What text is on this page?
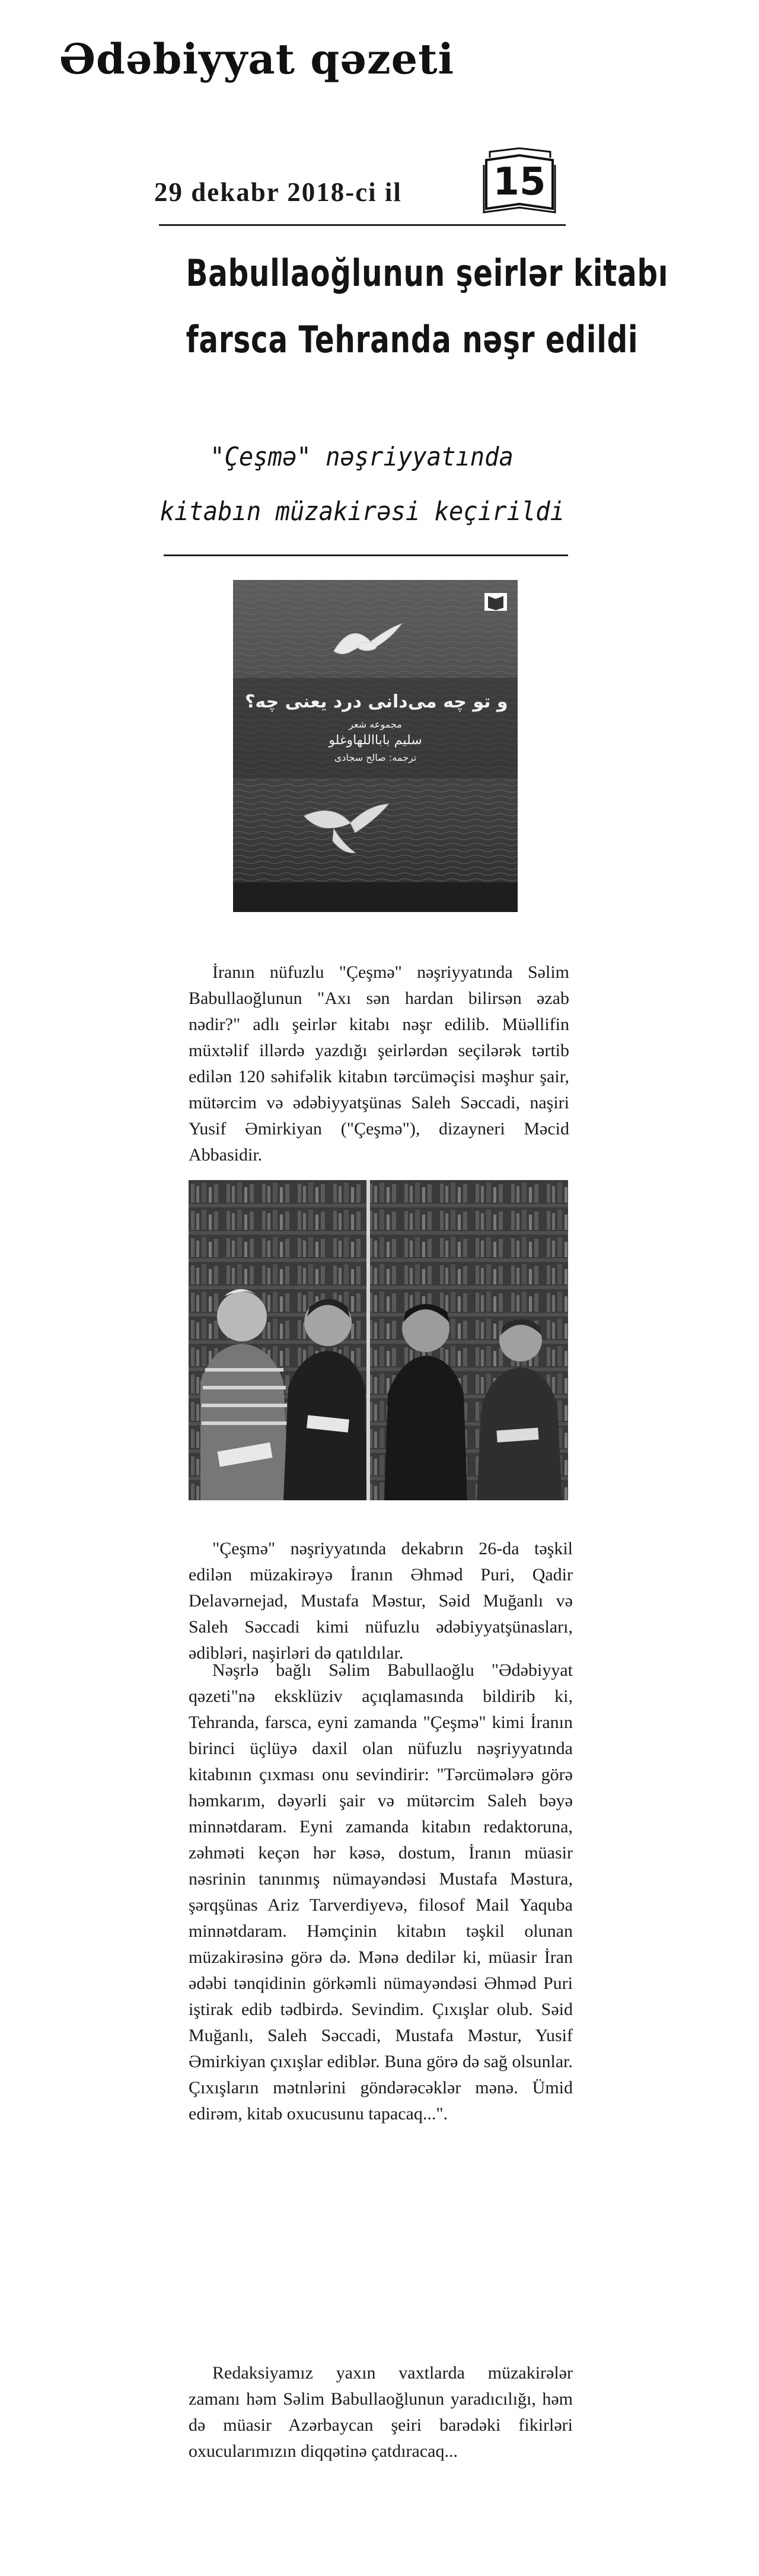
Ədəbiyyat qəzeti
29 dekabr 2018-ci il 15
Babullaoğlunun şeirlər kitabı
farsca Tehranda nəşr edildi
"Çeşmə" nəşriyyatında
kitabın müzakirəsi keçirildi
و تو چه می‌دانی درد یعنی چه؟
مجموعه شعر
سلیم بابااللهاوغلو
ترجمه: صالح سجادی

İranın nüfuzlu "Çeşmə" nəşriyyatında Səlim Babullaoğlunun "Axı sən hardan bilirsən əzab nədir?" adlı şeirlər kitabı nəşr edilib. Müəllifin müxtəlif illərdə yazdığı şeirlərdən seçilərək tərtib edilən 120 səhifəlik kitabın tərcüməçisi məşhur şair, mütərcim və ədəbiyyatşünas Saleh Səccadi, naşiri Yusif Əmirkiyan ("Çeşmə"), dizayneri Məcid Abbasidir.

"Çeşmə" nəşriyyatında dekabrın 26-da təşkil edilən müzakirəyə İranın Əhməd Puri, Qadir Delavərnejad, Mustafa Məstur, Səid Muğanlı və Saleh Səccadi kimi nüfuzlu ədəbiyyatşünasları, ədibləri, naşirləri də qatıldılar.

Nəşrlə bağlı Səlim Babullaoğlu "Ədəbiyyat qəzeti"nə eksklüziv açıqlamasında bildirib ki, Tehranda, farsca, eyni zamanda "Çeşmə" kimi İranın birinci üçlüyə daxil olan nüfuzlu nəşriyyatında kitabının çıxması onu sevindirir: "Tərcümələrə görə həmkarım, dəyərli şair və mütərcim Saleh bəyə minnətdaram. Eyni zamanda kitabın redaktoruna, zəhməti keçən hər kəsə, dostum, İranın müasir nəsrinin tanınmış nümayəndəsi Mustafa Məstura, şərqşünas Ariz Tarverdiyevə, filosof Mail Yaquba minnətdaram. Həmçinin kitabın təşkil olunan müzakirəsinə görə də. Mənə dedilər ki, müasir İran ədəbi tənqidinin görkəmli nümayəndəsi Əhməd Puri iştirak edib tədbirdə. Sevindim. Çıxışlar olub. Səid Muğanlı, Saleh Səccadi, Mustafa Məstur, Yusif Əmirkiyan çıxışlar ediblər. Buna görə də sağ olsunlar. Çıxışların mətnlərini göndərəcəklər mənə. Ümid edirəm, kitab oxucusunu tapacaq...".

Redaksiyamız yaxın vaxtlarda müzakirələr zamanı həm Səlim Babullaoğlunun yaradıcılığı, həm də müasir Azərbaycan şeiri barədəki fikirləri oxucularımızın diqqətinə çatdıracaq...
